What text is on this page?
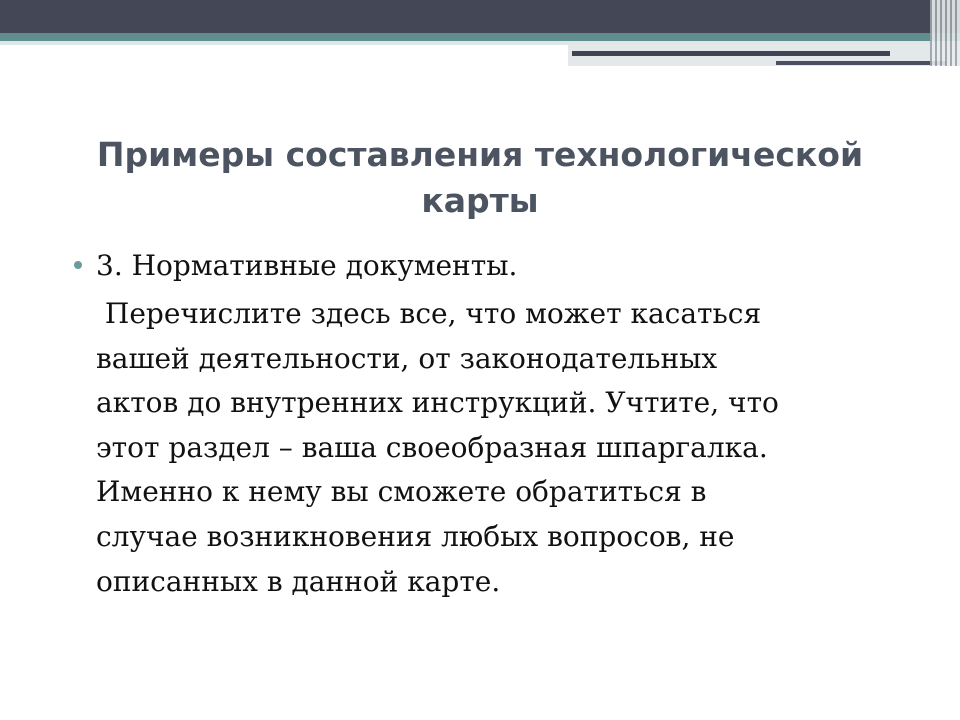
Примеры составления технологической
карты
3. Нормативные документы.
Перечислите здесь все, что может касаться
вашей деятельности, от законодательных
актов до внутренних инструкций. Учтите, что
этот раздел – ваша своеобразная шпаргалка.
Именно к нему вы сможете обратиться в
случае возникновения любых вопросов, не
описанных в данной карте.
